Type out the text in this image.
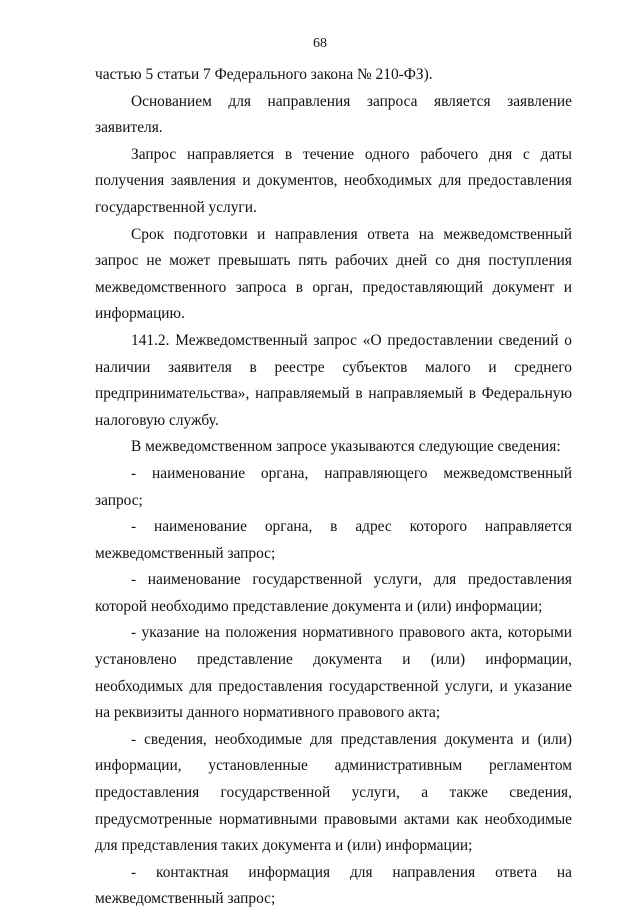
68

частью 5 статьи 7 Федерального закона № 210-ФЗ).

Основанием для направления запроса является заявление заявителя.

Запрос направляется в течение одного рабочего дня с даты получения заявления и документов, необходимых для предоставления государственной услуги.

Срок подготовки и направления ответа на межведомственный запрос не может превышать пять рабочих дней со дня поступления межведомственного запроса в орган, предоставляющий документ и информацию.

141.2. Межведомственный запрос «О предоставлении сведений о наличии заявителя в реестре субъектов малого и среднего предпринимательства», направляемый в направляемый в Федеральную налоговую службу.

В межведомственном запросе указываются следующие сведения:

- наименование органа, направляющего межведомственный запрос;

- наименование органа, в адрес которого направляется межведомственный запрос;

- наименование государственной услуги, для предоставления которой необходимо представление документа и (или) информации;

- указание на положения нормативного правового акта, которыми установлено представление документа и (или) информации, необходимых для предоставления государственной услуги, и указание на реквизиты данного нормативного правового акта;

- сведения, необходимые для представления документа и (или) информации, установленные административным регламентом предоставления государственной услуги, а также сведения, предусмотренные нормативными правовыми актами как необходимые для представления таких документа и (или) информации;

- контактная информация для направления ответа на межведомственный запрос;
